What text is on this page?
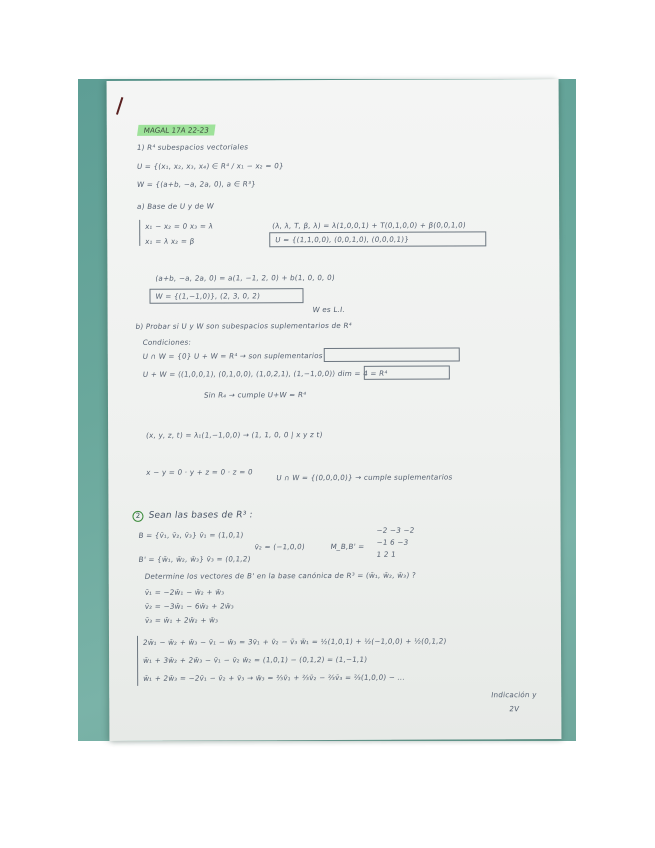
MAGAL 17A 22-23
1) R⁴ subespacios vectoriales
U = {(x₁, x₂, x₃, x₄) ∈ R⁴ / x₁ − x₂ = 0}
W = {(a+b, −a, 2a, 0), a ∈ R³}
a) Base de U y de W
x₁ − x₂ = 0 x₃ = λ
x₁ = λ x₂ = β
(λ, λ, T, β, λ) = λ(1,0,0,1) + T(0,1,0,0) + β(0,0,1,0)
U = {(1,1,0,0), (0,0,1,0), (0,0,0,1)}
(a+b, −a, 2a, 0) = a(1, −1, 2, 0) + b(1, 0, 0, 0)
W = {(1,−1,0)}, (2, 3, 0, 2)
W es L.I.
b) Probar si U y W son subespacios suplementarios de R⁴
Condiciones:
U ∩ W = {0} U + W = R⁴ → son suplementarios
U + W = ⟨(1,0,0,1), (0,1,0,0), (1,0,2,1), (1,−1,0,0)⟩ dim = 4 = R⁴
Sin R₄ → cumple U+W = R⁴
(x, y, z, t) = λ₁(1,−1,0,0) → (1, 1, 0, 0 | x y z t)
x − y = 0 · y + z = 0 · z = 0
U ∩ W = {(0,0,0,0)} → cumple suplementarios
2 Sean las bases de R³ :
B = {v̄₁, v̄₂, v̄₃} v̄₁ = (1,0,1)
v̄₂ = (−1,0,0)
B' = {w̄₁, w̄₂, w̄₃} v̄₃ = (0,1,2)
M_B,B' =
−2 −3 −2
−1 6 −3
1 2 1
Determine los vectores de B' en la base canónica de R³ = (w̄₁, w̄₂, w̄₃) ?
v̄₁ = −2w̄₁ − w̄₂ + w̄₃
v̄₂ = −3w̄₁ − 6w̄₂ + 2w̄₃
v̄₃ = w̄₁ + 2w̄₂ + w̄₃
2w̄₁ − w̄₂ + w̄₃ − v̄₁ − w̄₃ = 3v̄₁ + v̄₂ − v̄₃ w̄₁ = ½(1,0,1) + ½(−1,0,0) + ½(0,1,2)
w̄₁ + 3w̄₂ + 2w̄₃ − v̄₁ − v̄₂ w̄₂ = (1,0,1) − (0,1,2) = (1,−1,1)
w̄₁ + 2w̄₃ = −2v̄₁ − v̄₂ + v̄₃ → w̄₃ = ⅔v̄₁ + ⅔v̄₂ − ⅔v̄₃ = ⅔(1,0,0) − ...
Indicación y
2V
